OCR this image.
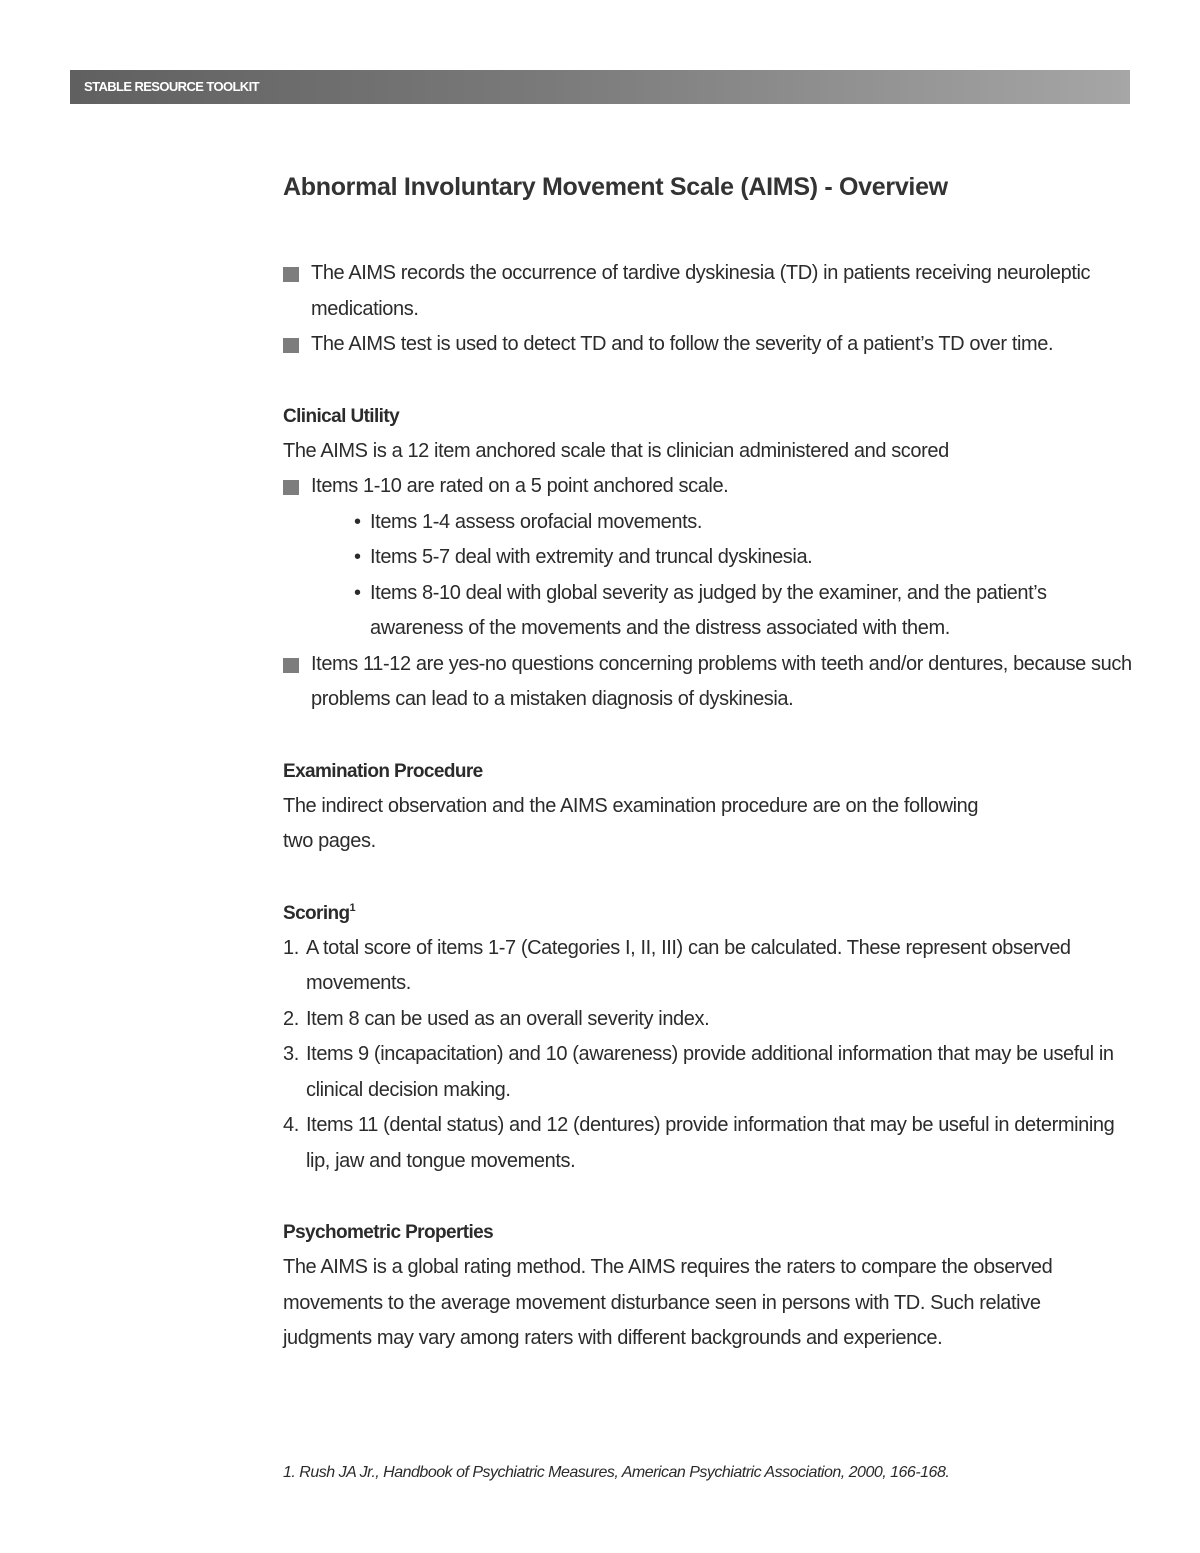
STABLE RESOURCE TOOLKIT
Abnormal Involuntary Movement Scale (AIMS) - Overview
The AIMS records the occurrence of tardive dyskinesia (TD) in patients receiving neuroleptic medications.
The AIMS test is used to detect TD and to follow the severity of a patient’s TD over time.
Clinical Utility

The AIMS is a 12 item anchored scale that is clinician administered and scored

Items 1-10 are rated on a 5 point anchored scale.
• Items 1-4 assess orofacial movements.
• Items 5-7 deal with extremity and truncal dyskinesia.
• Items 8-10 deal with global severity as judged by the examiner, and the patient’s awareness of the movements and the distress associated with them.
Items 11-12 are yes-no questions concerning problems with teeth and/or dentures, because such problems can lead to a mistaken diagnosis of dyskinesia.
Examination Procedure

The indirect observation and the AIMS examination procedure are on the following

two pages.

Scoring$^1$
1. A total score of items 1-7 (Categories I, II, III) can be calculated. These represent observed movements.
2. Item 8 can be used as an overall severity index.
3. Items 9 (incapacitation) and 10 (awareness) provide additional information that may be useful in clinical decision making.
4. Items 11 (dental status) and 12 (dentures) provide information that may be useful in determining lip, jaw and tongue movements.
Psychometric Properties

The AIMS is a global rating method. The AIMS requires the raters to compare the observed movements to the average movement disturbance seen in persons with TD. Such relative judgments may vary among raters with different backgrounds and experience.

1. Rush JA Jr., Handbook of Psychiatric Measures, American Psychiatric Association, 2000, 166-168.
